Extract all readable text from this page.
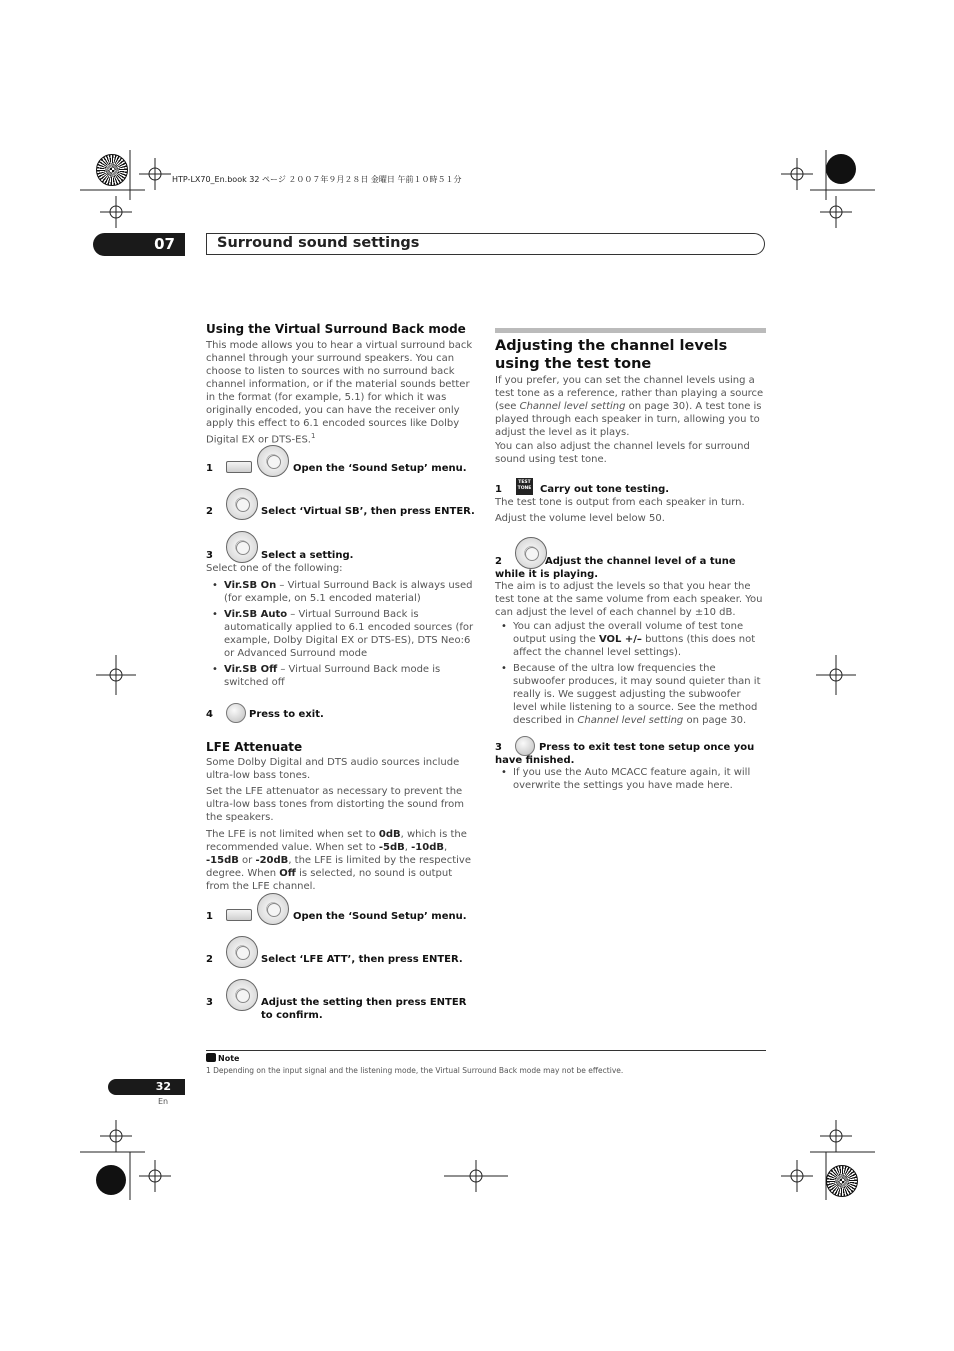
HTP-LX70_En.book 32 ページ ２００７年９月２８日 金曜日 午前１０時５１分
07	Surround sound settings
Using the Virtual Surround Back mode

This mode allows you to hear a virtual surround back channel through your surround speakers. You can choose to listen to sources with no surround back channel information, or if the material sounds better in the format (for example, 5.1) for which it was originally encoded, you can have the receiver only apply this effect to 6.1 encoded sources like Dolby Digital EX or DTS-ES.$^1$

1	Open the ‘Sound Setup’ menu.
2	Select ‘Virtual SB’, then press ENTER.
3	Select a setting.

Select one of the following:

• Vir.SB On – Virtual Surround Back is always used (for example, on 5.1 encoded material)
• Vir.SB Auto – Virtual Surround Back is automatically applied to 6.1 encoded sources (for example, Dolby Digital EX or DTS-ES), DTS Neo:6 or Advanced Surround mode
• Vir.SB Off – Virtual Surround Back mode is switched off
4	Press to exit.
LFE Attenuate

Some Dolby Digital and DTS audio sources include ultra-low bass tones.

Set the LFE attenuator as necessary to prevent the ultra-low bass tones from distorting the sound from the speakers.

The LFE is not limited when set to 0dB, which is the recommended value. When set to -5dB, -10dB, -15dB or -20dB, the LFE is limited by the respective degree. When Off is selected, no sound is output from the LFE channel.

1	Open the ‘Sound Setup’ menu.
2	Select ‘LFE ATT’, then press ENTER.
3	Adjust the setting then press ENTER to confirm.
Adjusting the channel levels using the test tone

If you prefer, you can set the channel levels using a test tone as a reference, rather than playing a source (see Channel level setting on page 30). A test tone is played through each speaker in turn, allowing you to adjust the level as it plays.

You can also adjust the channel levels for surround sound using test tone.

1
TEST TONE Carry out tone testing.

The test tone is output from each speaker in turn.

Adjust the volume level below 50.

2	Adjust the channel level of a tune while it is playing.

The aim is to adjust the levels so that you hear the test tone at the same volume from each speaker. You can adjust the level of each channel by ±10 dB.

• You can adjust the overall volume of test tone output using the VOL +/– buttons (this does not affect the channel level settings).
• Because of the ultra low frequencies the subwoofer produces, it may sound quieter than it really is. We suggest adjusting the subwoofer level while listening to a source. See the method described in Channel level setting on page 30.
3	Press to exit test tone setup once you have finished.
• If you use the Auto MCACC feature again, it will overwrite the settings you have made here.
Note
1 Depending on the input signal and the listening mode, the Virtual Surround Back mode may not be effective.
32
En
